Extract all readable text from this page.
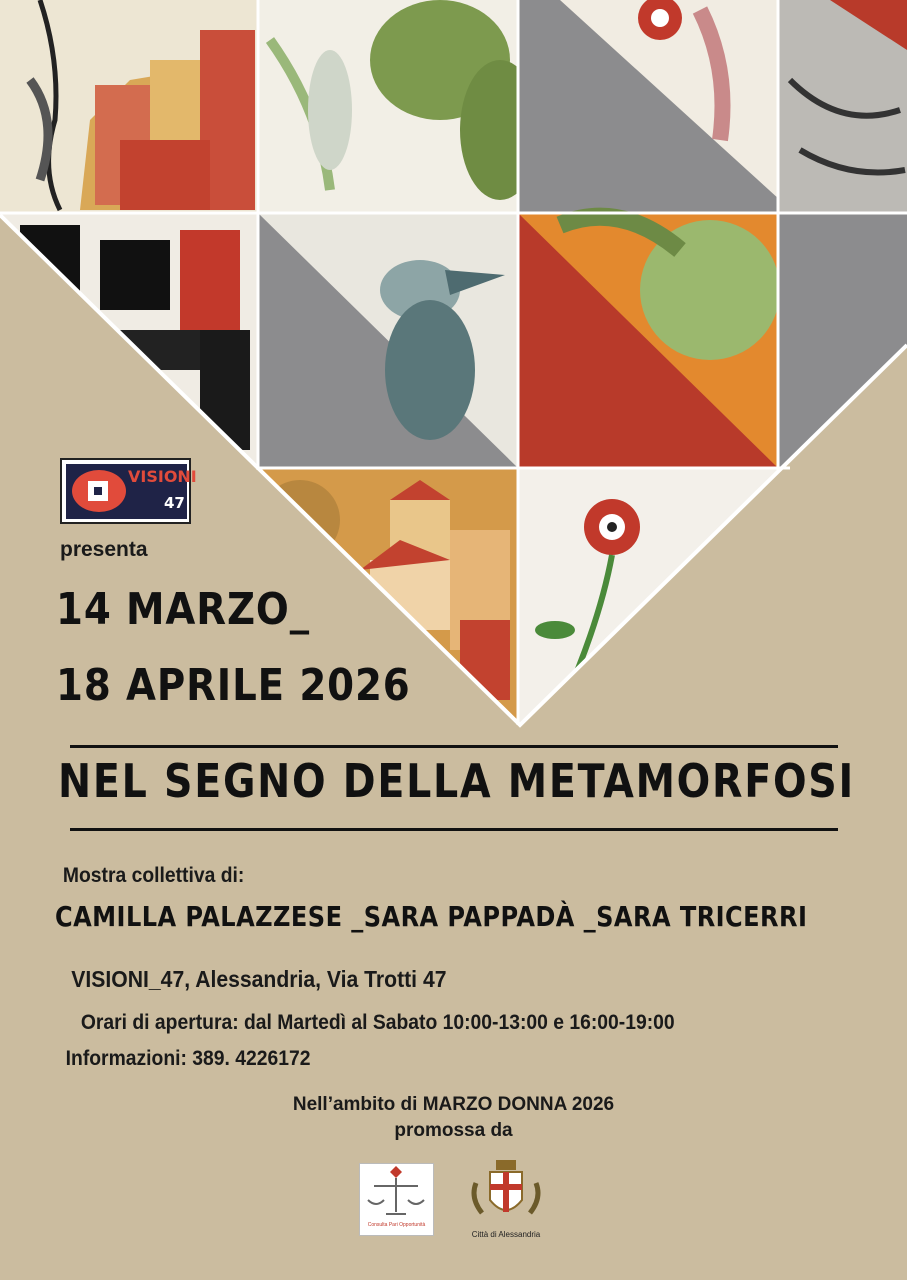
VISIONI
47
presenta
14 MARZO_
18 APRILE 2026
NEL SEGNO DELLA METAMORFOSI
Mostra collettiva di:
CAMILLA PALAZZESE _SARA PAPPADÀ _SARA TRICERRI
VISIONI_47, Alessandria, Via Trotti 47
Orari di apertura: dal Martedì al Sabato 10:00-13:00 e 16:00-19:00
Informazioni: 389. 4226172
Nell’ambito di MARZO DONNA 2026
promossa da
Consulta Pari Opportunità
Città di Alessandria
